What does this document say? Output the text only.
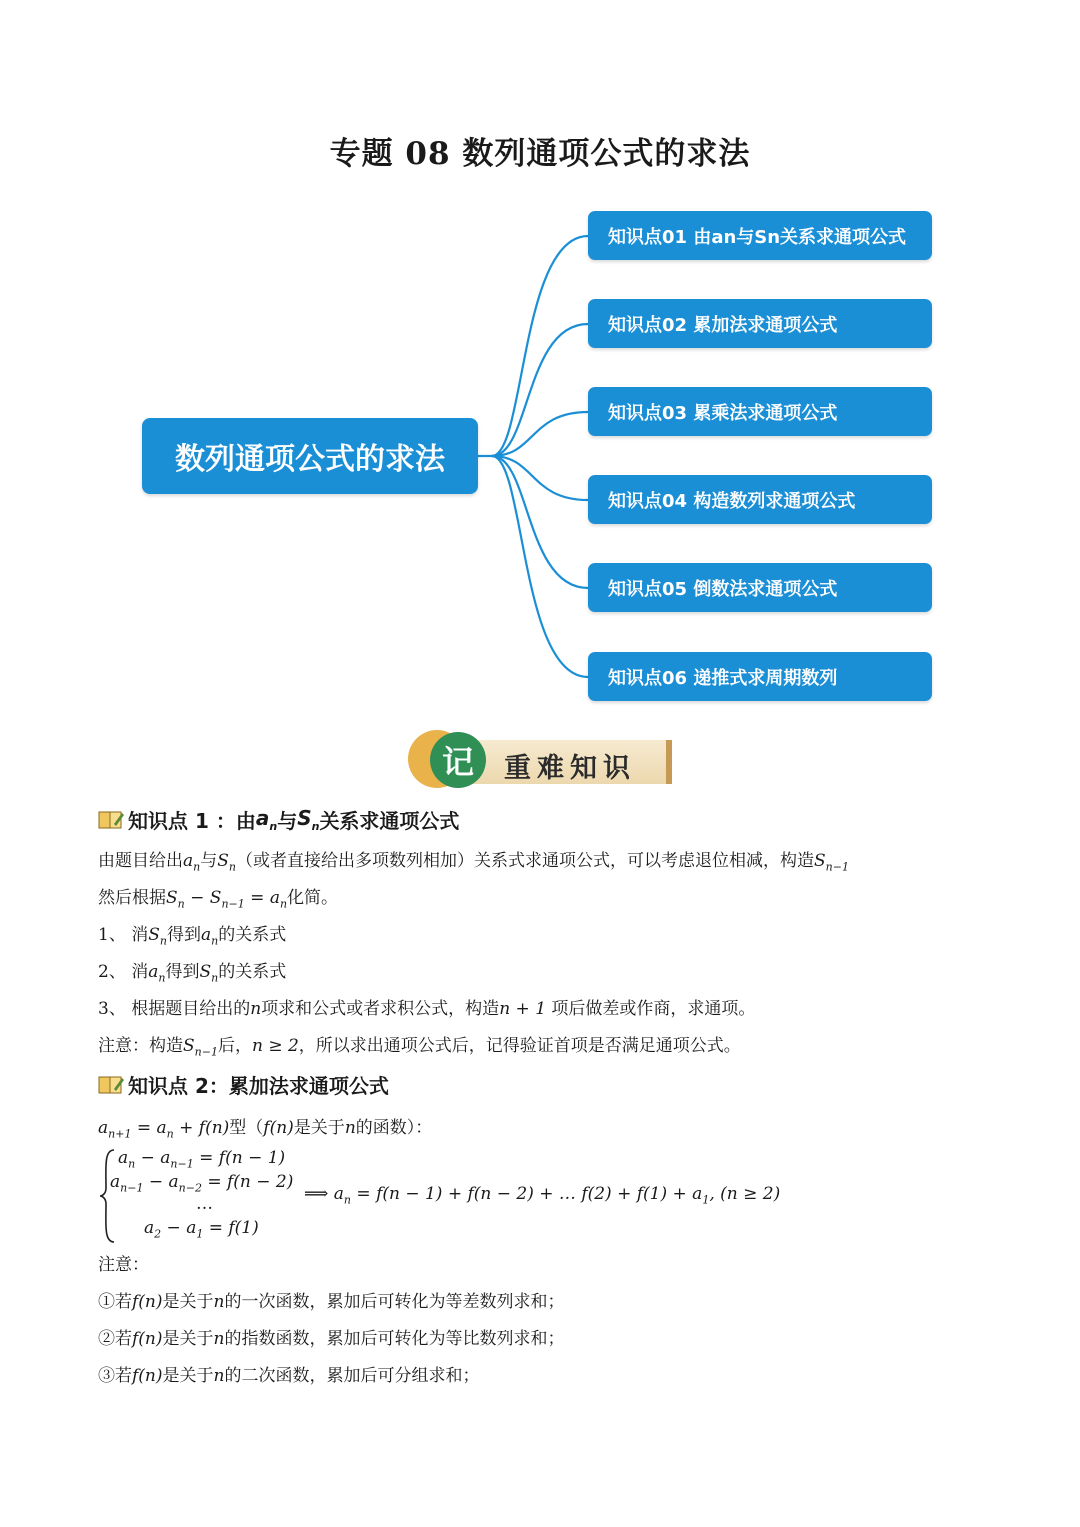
专题 08 数列通项公式的求法
数列通项公式的求法
知识点01 由an与Sn关系求通项公式
知识点02 累加法求通项公式
知识点03 累乘法求通项公式
知识点04 构造数列求通项公式
知识点05 倒数法求通项公式
知识点06 递推式求周期数列
记	重难知识
知识点 1 ：由 $a_n$ 与 $S_n$ 关系求通项公式
由题目给出$a_n$与$S_n$（或者直接给出多项数列相加）关系式求通项公式，可以考虑退位相减，构造$S_{n-1}$
然后根据$S_n - S_{n-1} = a_n$化简。
1、 消$S_n$得到$a_n$的关系式
2、 消$a_n$得到$S_n$的关系式
3、 根据题目给出的n项求和公式或者求积公式，构造n + 1 项后做差或作商，求通项。
注意：构造$S_{n-1}$后，n ≥ 2，所以求出通项公式后，记得验证首项是否满足通项公式。
知识点 2：累加法求通项公式
$a_{n+1} = a_n + f(n)$型（f(n)是关于n的函数）：
$a_n - a_{n-1} = f(n - 1)$
$a_{n-1} - a_{n-2} = f(n - 2)$
…
$a_2 - a_1 = f(1)$
⟹ $a_n = f(n - 1) + f(n - 2)$ + … $f(2) + f(1) + a_1$, (n ≥ 2)
注意：
①若f(n)是关于n的一次函数，累加后可转化为等差数列求和；
②若f(n)是关于n的指数函数，累加后可转化为等比数列求和；
③若f(n)是关于n的二次函数，累加后可分组求和；
